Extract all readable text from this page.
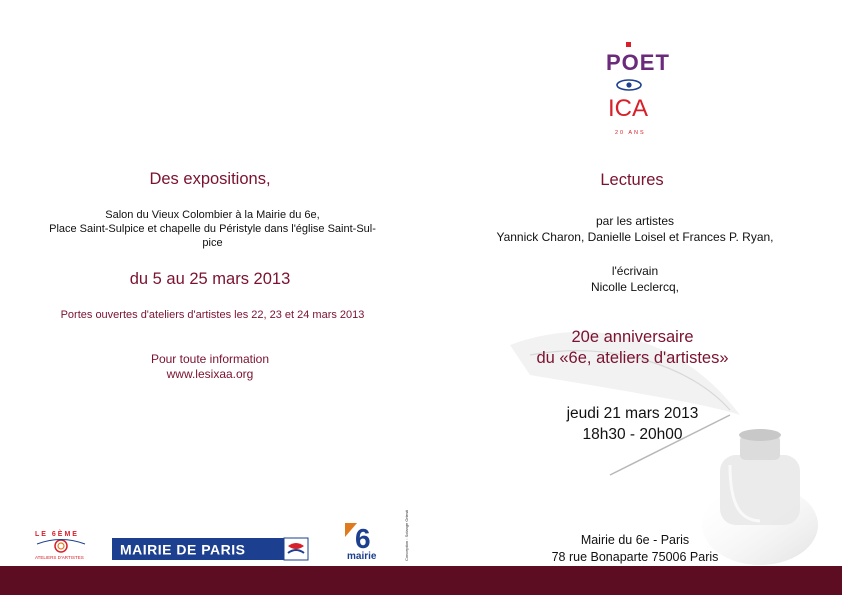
POET
ICA
20 ANS
Des expositions,
Salon du Vieux Colombier à la Mairie du 6e,
Place Saint-Sulpice et chapelle du Péristyle dans l'église Saint-Sul-
pice
du 5 au 25 mars 2013
Portes ouvertes d'ateliers d'artistes les 22, 23 et 24 mars 2013
Pour toute information
www.lesixaa.org
Lectures
par les artistes
Yannick Charon, Danielle Loisel et Frances P. Ryan,
l'écrivain
Nicolle Leclercq,
20e anniversaire
du «6e, ateliers d'artistes»
jeudi 21 mars 2013
18h30 - 20h00
Mairie du 6e - Paris
78 rue Bonaparte 75006 Paris
LE 6ÈME
ATELIERS D'ARTISTES	MAIRIE DE PARIS	6
mairie	Conception : Solange Ortesti
